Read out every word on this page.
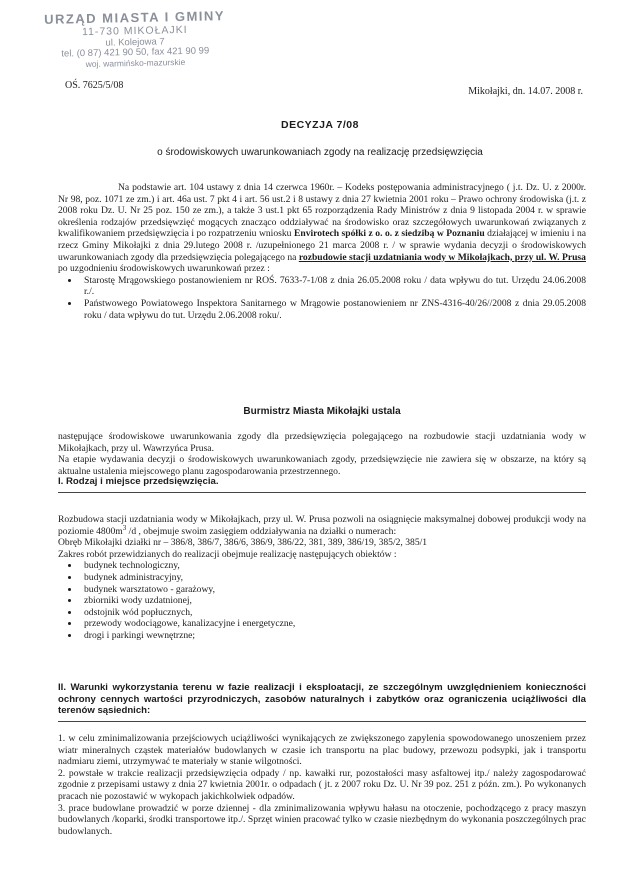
URZĄD MIASTA I GMINY
11-730 MIKOŁAJKI
ul. Kolejowa 7
tel. (0 87) 421 90 50, fax 421 90 99
woj. warmińsko-mazurskie
OŚ. 7625/5/08
Mikołajki, dn. 14.07. 2008 r.
DECYZJA 7/08
o środowiskowych uwarunkowaniach zgody na realizację przedsięwzięcia

Na podstawie art. 104 ustawy z dnia 14 czerwca 1960r. – Kodeks postępowania administracyjnego ( j.t. Dz. U. z 2000r. Nr 98, poz. 1071 ze zm.) i art. 46a ust. 7 pkt 4 i art. 56 ust.2 i 8 ustawy z dnia 27 kwietnia 2001 roku – Prawo ochrony środowiska (j.t. z 2008 roku Dz. U. Nr 25 poz. 150 ze zm.), a także 3 ust.1 pkt 65 rozporządzenia Rady Ministrów z dnia 9 listopada 2004 r. w sprawie określenia rodzajów przedsięwzięć mogących znacząco oddziaływać na środowisko oraz szczegółowych uwarunkowań związanych z kwalifikowaniem przedsięwzięcia i po rozpatrzeniu wniosku Envirotech spółki z o. o. z siedzibą w Poznaniu działającej w imieniu i na rzecz Gminy Mikołajki z dnia 29.lutego 2008 r. /uzupełnionego 21 marca 2008 r. / w sprawie wydania decyzji o środowiskowych uwarunkowaniach zgody dla przedsięwzięcia polegającego na rozbudowie stacji uzdatniania wody w Mikołajkach, przy ul. W. Prusa

po uzgodnieniu środowiskowych uwarunkowań przez :

• Starostę Mrągowskiego postanowieniem nr ROŚ. 7633-7-1/08 z dnia 26.05.2008 roku / data wpływu do tut. Urzędu 24.06.2008 r./.
• Państwowego Powiatowego Inspektora Sanitarnego w Mrągowie postanowieniem nr ZNS-4316-40/26//2008 z dnia 29.05.2008 roku / data wpływu do tut. Urzędu 2.06.2008 roku/.
Burmistrz Miasta Mikołajki ustala

następujące środowiskowe uwarunkowania zgody dla przedsięwzięcia polegającego na rozbudowie stacji uzdatniania wody w Mikołajkach, przy ul. Wawrzyńca Prusa.

Na etapie wydawania decyzji o środowiskowych uwarunkowaniach zgody, przedsięwzięcie nie zawiera się w obszarze, na który są aktualne ustalenia miejscowego planu zagospodarowania przestrzennego.

I. Rodzaj i miejsce przedsięwzięcia.

Rozbudowa stacji uzdatniania wody w Mikołajkach, przy ul. W. Prusa pozwoli na osiągnięcie maksymalnej dobowej produkcji wody na poziomie $4800m^3$ /d , obejmuje swoim zasięgiem oddziaływania na działki o numerach:

Obręb Mikołajki działki nr – 386/8, 386/7, 386/6, 386/9, 386/22, 381, 389, 386/19, 385/2, 385/1

Zakres robót przewidzianych do realizacji obejmuje realizację następujących obiektów :

• budynek technologiczny,
• budynek administracyjny,
• budynek warsztatowo - garażowy,
• zbiorniki wody uzdatnionej,
• odstojnik wód popłucznych,
• przewody wodociągowe, kanalizacyjne i energetyczne,
• drogi i parkingi wewnętrzne;

II. Warunki wykorzystania terenu w fazie realizacji i eksploatacji, ze szczególnym uwzględnieniem konieczności ochrony cennych wartości przyrodniczych, zasobów naturalnych i zabytków oraz ograniczenia uciążliwości dla terenów sąsiednich:

1. w celu zminimalizowania przejściowych uciążliwości wynikających ze zwiększonego zapylenia spowodowanego unoszeniem przez wiatr mineralnych cząstek materiałów budowlanych w czasie ich transportu na plac budowy, przewozu podsypki, jak i transportu nadmiaru ziemi, utrzymywać te materiały w stanie wilgotności.

2. powstałe w trakcie realizacji przedsięwzięcia odpady / np. kawałki rur, pozostałości masy asfaltowej itp./ należy zagospodarować zgodnie z przepisami ustawy z dnia 27 kwietnia 2001r. o odpadach ( jt. z 2007 roku Dz. U. Nr 39 poz. 251 z późn. zm.). Po wykonanych pracach nie pozostawić w wykopach jakichkolwiek odpadów.

3. prace budowlane prowadzić w porze dziennej - dla zminimalizowania wpływu hałasu na otoczenie, pochodzącego z pracy maszyn budowlanych /koparki, środki transportowe itp./. Sprzęt winien pracować tylko w czasie niezbędnym do wykonania poszczególnych prac budowlanych.
